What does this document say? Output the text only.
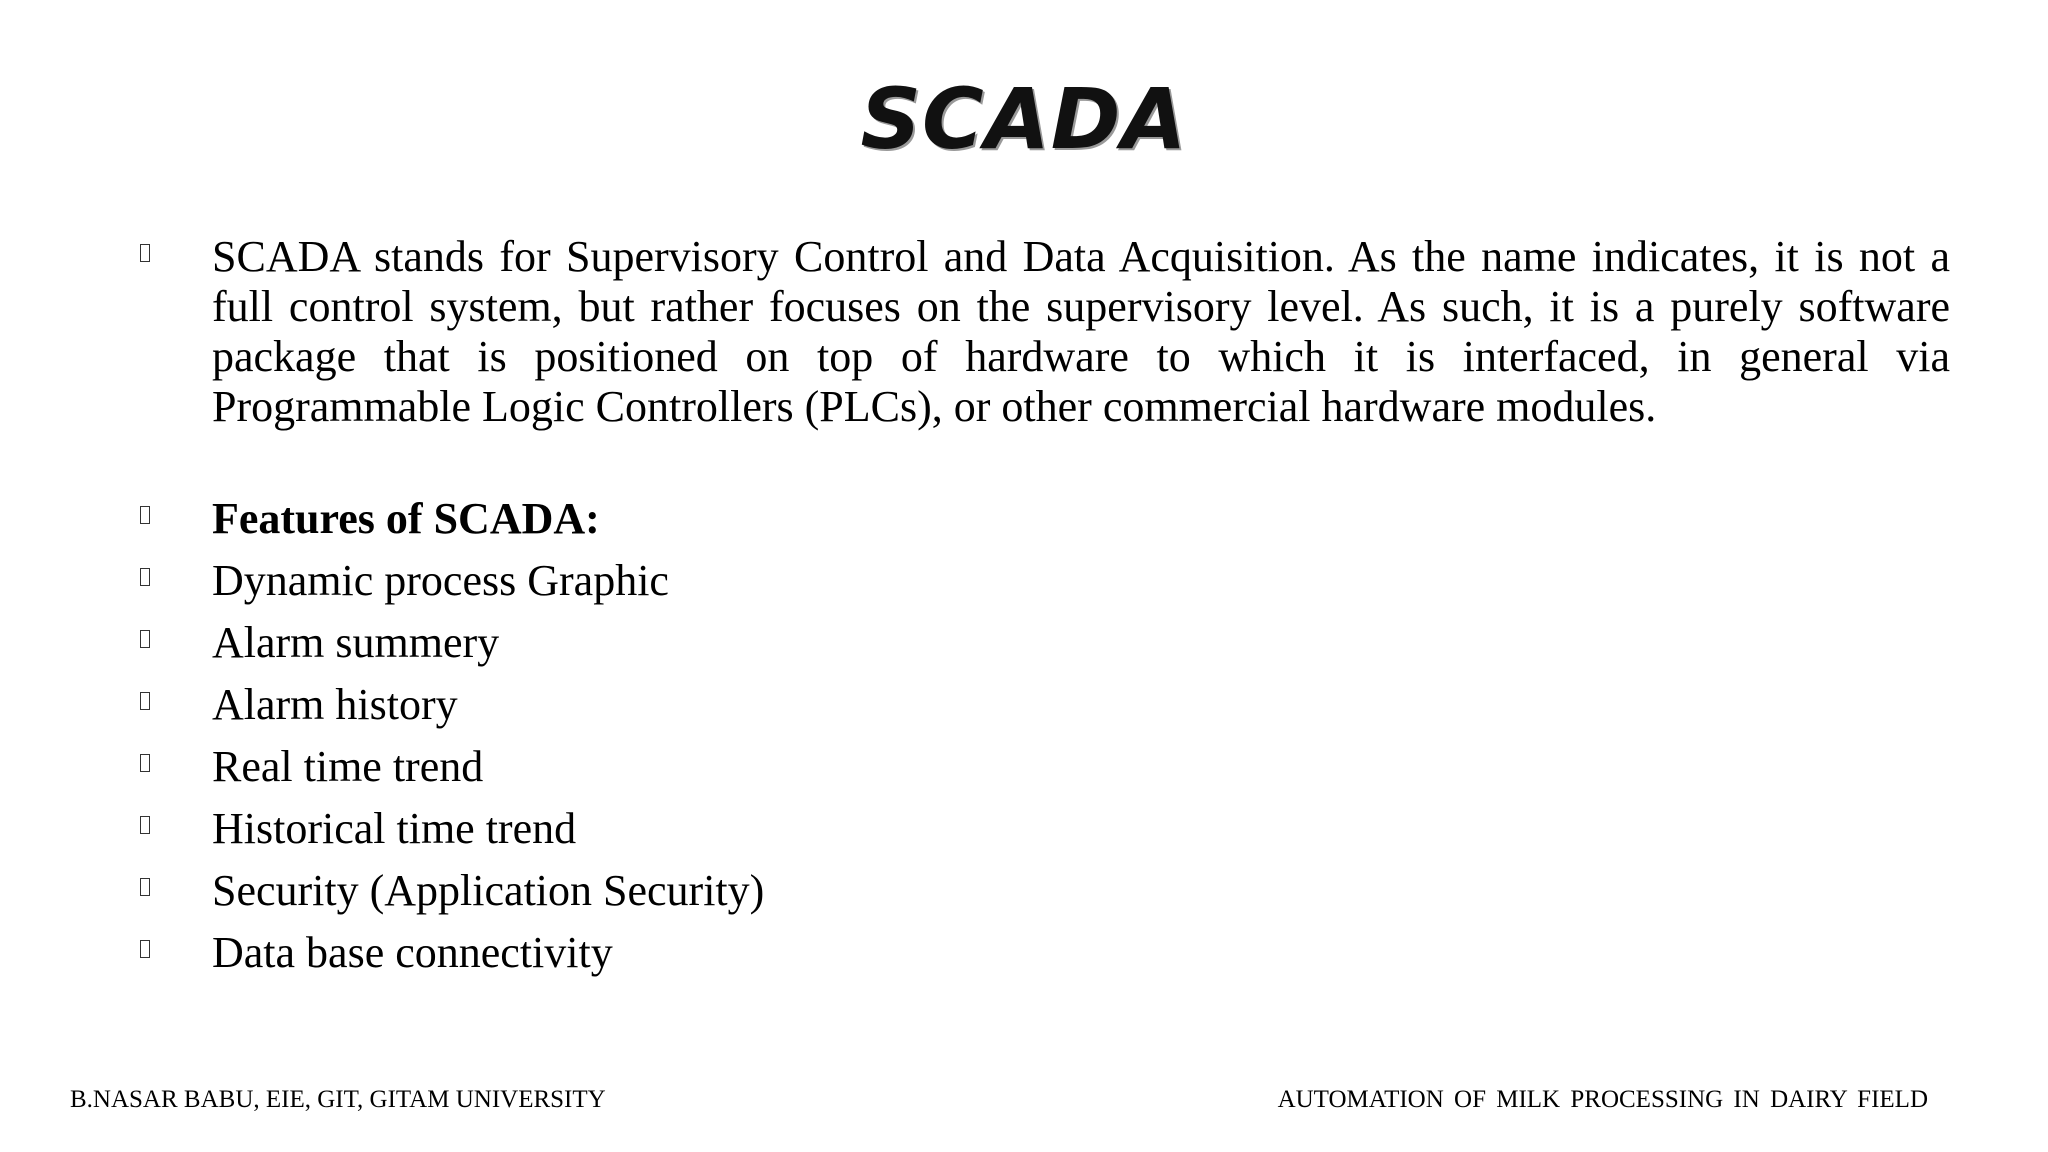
SCADA
SCADA stands for Supervisory Control and Data Acquisition. As the name indicates, it is not a full control system, but rather focuses on the supervisory level. As such, it is a purely software package that is positioned on top of hardware to which it is interfaced, in general via Programmable Logic Controllers (PLCs), or other commercial hardware modules.
Features of SCADA:
Dynamic process Graphic
Alarm summery
Alarm history
Real time trend
Historical time trend
Security (Application Security)
Data base connectivity
B.NASAR BABU, EIE, GIT, GITAM UNIVERSITY	AUTOMATION OF MILK PROCESSING IN DAIRY FIELD
